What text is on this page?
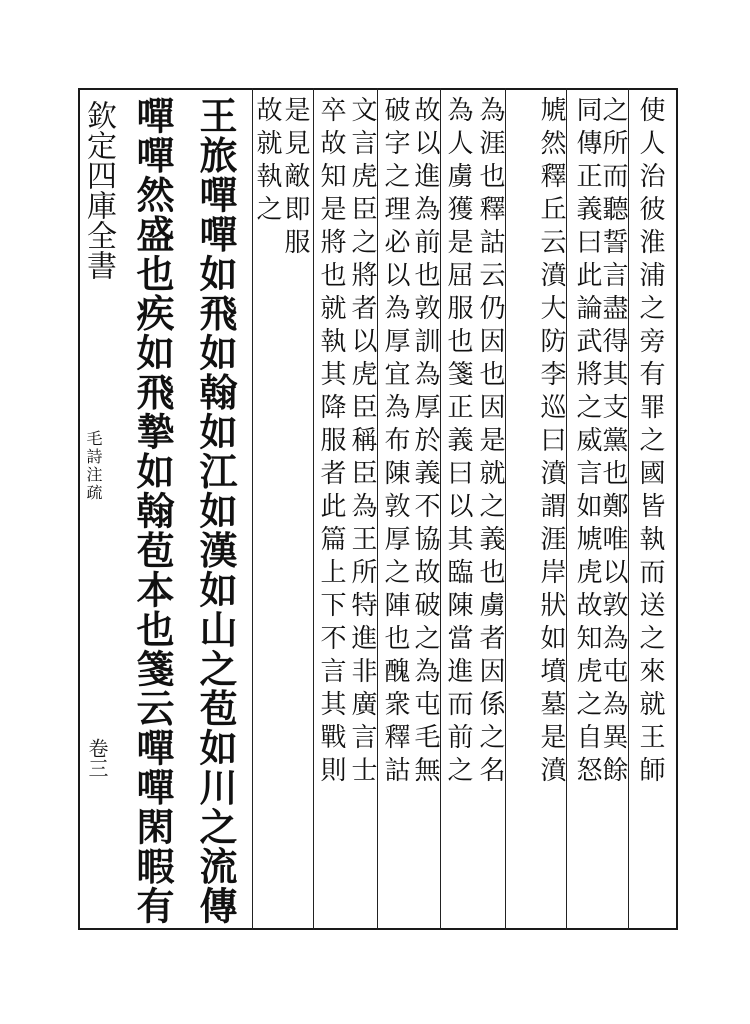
欽定四庫全書
毛詩注疏
卷三	使人治彼淮浦之旁有罪之國皆執而送之來就王師
之所而聽誓言盡得其支黨也鄭唯以敦為屯為異餘
同傳正義曰此論武將之威言如虓虎故知虎之自怒
虓然釋丘云濆大防李巡曰濆謂涯岸狀如墳墓是濆
為涯也釋詁云仍因也因是就之義也虜者因係之名
為人虜獲是屈服也箋正義曰以其臨陳當進而前之
故以進為前也敦訓為厚於義不協故破之為屯毛無
破字之理必以為厚宜為布陳敦厚之陣也醜衆釋詁
文言虎臣之將者以虎臣稱臣為王所特進非廣言士
卒故知是將也就執其降服者此篇上下不言其戰則
是見敵即服
故就執之
王旅嘽嘽如飛如翰如江如漢如山之苞如川之流傳
嘽嘽然盛也疾如飛摯如翰苞本也箋云嘽嘽閑暇有
